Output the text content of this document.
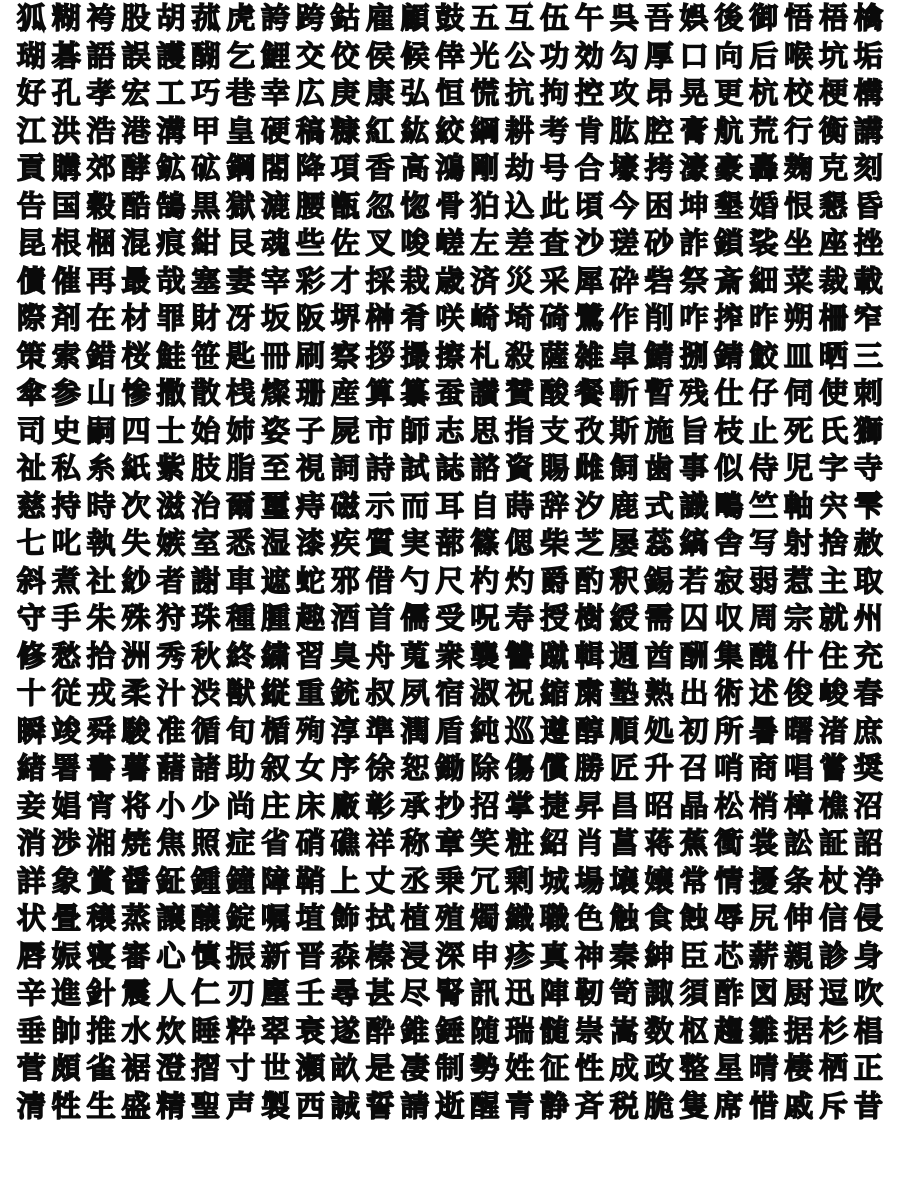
狐 糊 袴 股 胡 菰 虎 誇 跨 鈷 雇 顧 鼓 五 互 伍 午 呉 吾 娯 後 御 悟 梧 檎
瑚 碁 語 誤 護 醐 乞 鯉 交 佼 侯 候 倖 光 公 功 効 勾 厚 口 向 后 喉 坑 垢
好 孔 孝 宏 工 巧 巷 幸 広 庚 康 弘 恒 慌 抗 拘 控 攻 昂 晃 更 杭 校 梗 構
江 洪 浩 港 溝 甲 皇 硬 稿 糠 紅 紘 絞 綱 耕 考 肯 肱 腔 膏 航 荒 行 衡 講
貢 購 郊 酵 鉱 砿 鋼 閤 降 項 香 高 鴻 剛 劫 号 合 壕 拷 濠 豪 轟 麹 克 刻
告 国 穀 酷 鵠 黒 獄 漉 腰 甑 忽 惚 骨 狛 込 此 頃 今 困 坤 墾 婚 恨 懇 昏
昆 根 梱 混 痕 紺 艮 魂 些 佐 叉 唆 嵯 左 差 査 沙 瑳 砂 詐 鎖 裟 坐 座 挫
債 催 再 最 哉 塞 妻 宰 彩 才 採 栽 歳 済 災 采 犀 砕 砦 祭 斎 細 菜 裁 載
際 剤 在 材 罪 財 冴 坂 阪 堺 榊 肴 咲 崎 埼 碕 鷺 作 削 咋 搾 昨 朔 柵 窄
策 索 錯 桜 鮭 笹 匙 冊 刷 察 拶 撮 擦 札 殺 薩 雑 皐 鯖 捌 錆 鮫 皿 晒 三
傘 参 山 惨 撒 散 桟 燦 珊 産 算 纂 蚕 讃 賛 酸 餐 斬 暫 残 仕 仔 伺 使 刺
司 史 嗣 四 士 始 姉 姿 子 屍 市 師 志 思 指 支 孜 斯 施 旨 枝 止 死 氏 獅
祉 私 糸 紙 紫 肢 脂 至 視 詞 詩 試 誌 諮 資 賜 雌 飼 歯 事 似 侍 児 字 寺
慈 持 時 次 滋 治 爾 璽 痔 磁 示 而 耳 自 蒔 辞 汐 鹿 式 識 鴫 竺 軸 宍 雫
七 叱 執 失 嫉 室 悉 湿 漆 疾 質 実 蔀 篠 偲 柴 芝 屡 蕊 縞 舎 写 射 捨 赦
斜 煮 社 紗 者 謝 車 遮 蛇 邪 借 勺 尺 杓 灼 爵 酌 釈 錫 若 寂 弱 惹 主 取
守 手 朱 殊 狩 珠 種 腫 趣 酒 首 儒 受 呪 寿 授 樹 綬 需 囚 収 周 宗 就 州
修 愁 拾 洲 秀 秋 終 繍 習 臭 舟 蒐 衆 襲 讐 蹴 輯 週 酋 酬 集 醜 什 住 充
十 従 戎 柔 汁 渋 獣 縦 重 銃 叔 夙 宿 淑 祝 縮 粛 塾 熟 出 術 述 俊 峻 春
瞬 竣 舜 駿 准 循 旬 楯 殉 淳 準 潤 盾 純 巡 遵 醇 順 処 初 所 暑 曙 渚 庶
緒 署 書 薯 藷 諸 助 叙 女 序 徐 恕 鋤 除 傷 償 勝 匠 升 召 哨 商 唱 嘗 奨
妾 娼 宵 将 小 少 尚 庄 床 廠 彰 承 抄 招 掌 捷 昇 昌 昭 晶 松 梢 樟 樵 沼
消 渉 湘 焼 焦 照 症 省 硝 礁 祥 称 章 笑 粧 紹 肖 菖 蒋 蕉 衝 裳 訟 証 詔
詳 象 賞 醤 鉦 鍾 鐘 障 鞘 上 丈 丞 乗 冗 剰 城 場 壌 嬢 常 情 擾 条 杖 浄
状 畳 穣 蒸 譲 醸 錠 嘱 埴 飾 拭 植 殖 燭 織 職 色 触 食 蝕 辱 尻 伸 信 侵
唇 娠 寝 審 心 慎 振 新 晋 森 榛 浸 深 申 疹 真 神 秦 紳 臣 芯 薪 親 診 身
辛 進 針 震 人 仁 刃 塵 壬 尋 甚 尽 腎 訊 迅 陣 靭 笥 諏 須 酢 図 厨 逗 吹
垂 帥 推 水 炊 睡 粋 翠 衰 遂 酔 錐 錘 随 瑞 髄 崇 嵩 数 枢 趨 雛 据 杉 椙
菅 頗 雀 裾 澄 摺 寸 世 瀬 畝 是 凄 制 勢 姓 征 性 成 政 整 星 晴 棲 栖 正
清 牲 生 盛 精 聖 声 製 西 誠 誓 請 逝 醒 青 静 斉 税 脆 隻 席 惜 戚 斥 昔
